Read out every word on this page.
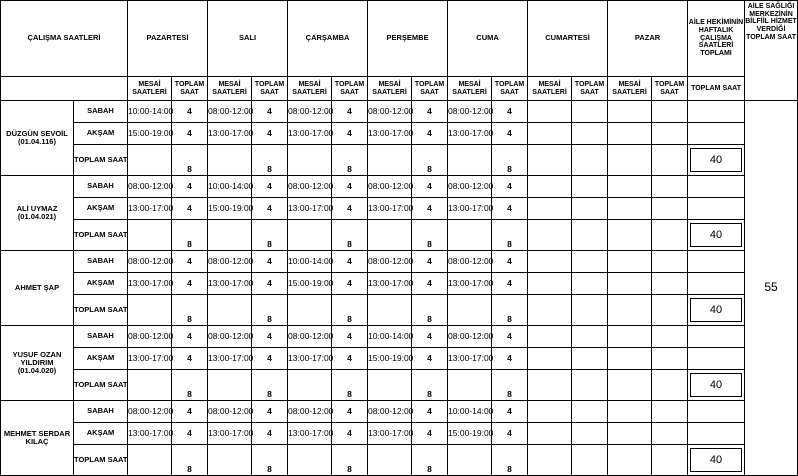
ÇALIŞMA SAATLERİ		PAZARTESİ		SALI		ÇARŞAMBA		PERŞEMBE		CUMA		CUMARTESİ		PAZAR		AİLE HEKİMİNİN HAFTALIK ÇALIŞMA SAATLERİ TOPLAMI	AİLE SAĞLIĞI MERKEZİNİN BİLFİİL HİZMET VERDİĞİ TOPLAM SAAT
		MESAİ SAATLERİ	TOPLAM SAAT	MESAİ SAATLERİ	TOPLAM SAAT	MESAİ SAATLERİ	TOPLAM SAAT	MESAİ SAATLERİ	TOPLAM SAAT	MESAİ SAATLERİ	TOPLAM SAAT	MESAİ SAATLERİ	TOPLAM SAAT	MESAİ SAATLERİ	TOPLAM SAAT	TOPLAM SAAT	
DÜZGÜN SEVOİL (01.04.116)	SABAH	10:00-14:00	4	08:00-12:00	4	08:00-12:00	4	08:00-12:00	4	08:00-12:00	4						55
	AKŞAM	15:00-19:00	4	13:00-17:00	4	13:00-17:00	4	13:00-17:00	4	13:00-17:00	4						
	TOPLAM SAAT		8		8		8		8		8					40	

ALİ UYMAZ (01.04.021)	SABAH	08:00-12:00	4	10:00-14:00	4	08:00-12:00	4	08:00-12:00	4	08:00-12:00	4						
	AKŞAM	13:00-17:00	4	15:00-19:00	4	13:00-17:00	4	13:00-17:00	4	13:00-17:00	4						
	TOPLAM SAAT		8		8		8		8		8					40	

AHMET ŞAP	SABAH	08:00-12:00	4	08:00-12:00	4	10:00-14:00	4	08:00-12:00	4	08:00-12:00	4						
	AKŞAM	13:00-17:00	4	13:00-17:00	4	15:00-19:00	4	13:00-17:00	4	13:00-17:00	4						
	TOPLAM SAAT		8		8		8		8		8					40	

YUSUF OZAN YILDIRIM (01.04.020)	SABAH	08:00-12:00	4	08:00-12:00	4	08:00-12:00	4	10:00-14:00	4	08:00-12:00	4						
	AKŞAM	13:00-17:00	4	13:00-17:00	4	13:00-17:00	4	15:00-19:00	4	13:00-17:00	4						
	TOPLAM SAAT		8		8		8		8		8					40	

MEHMET SERDAR KILAÇ	SABAH	08:00-12:00	4	08:00-12:00	4	08:00-12:00	4	08:00-12:00	4	10:00-14:00	4						
	AKŞAM	13:00-17:00	4	13:00-17:00	4	13:00-17:00	4	13:00-17:00	4	15:00-19:00	4						
	TOPLAM SAAT		8		8		8		8		8					40	
